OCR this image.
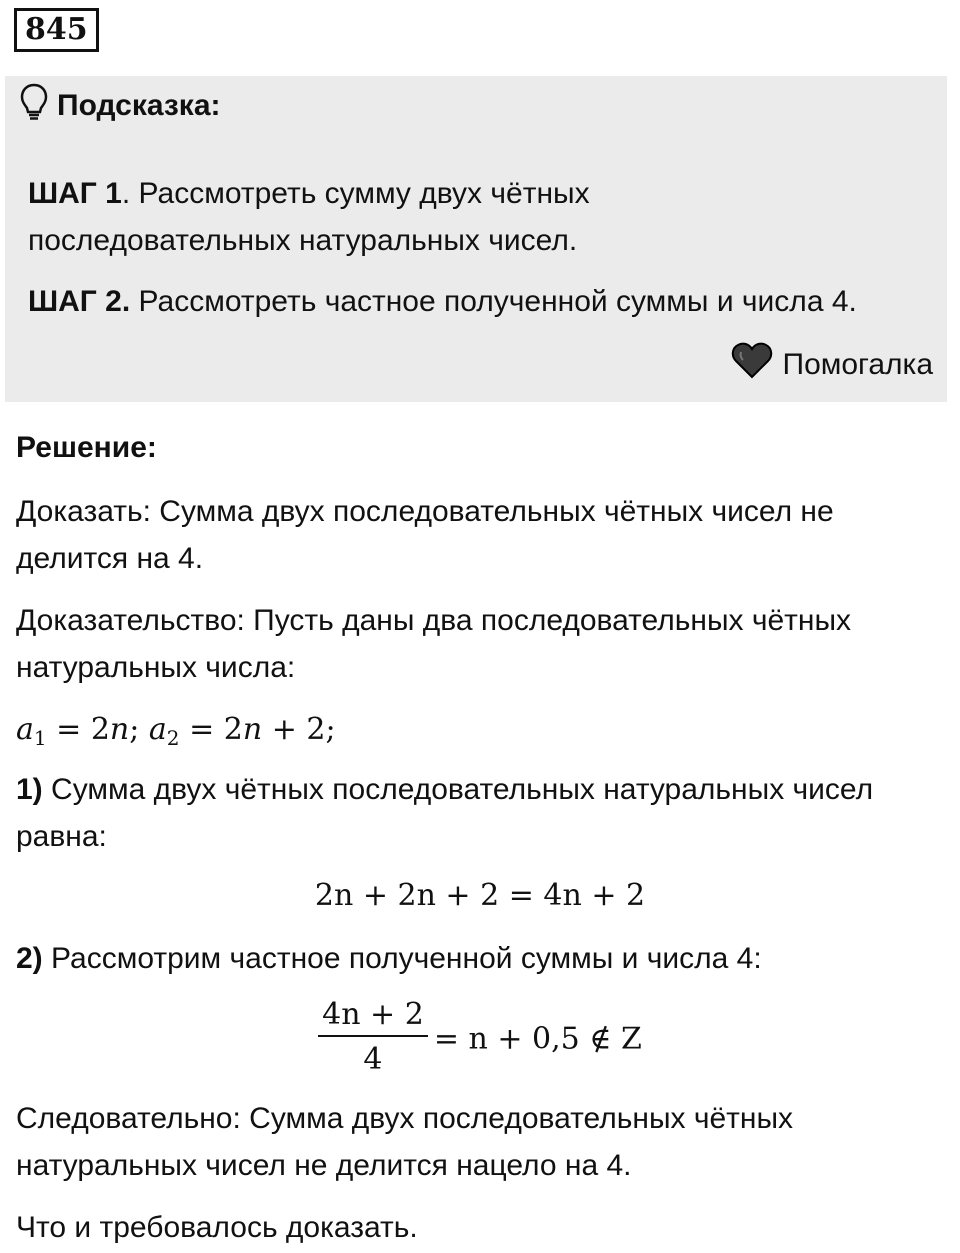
845
Подсказка:
ШАГ 1. Рассмотреть сумму двух чётных
последовательных натуральных чисел.
ШАГ 2. Рассмотреть частное полученной суммы и числа 4.
Помогалка
Решение:
Доказать: Сумма двух последовательных чётных чисел не
делится на 4.
Доказательство: Пусть даны два последовательных чётных
натуральных числа:
$a_1 = 2n$; $a_2 = 2n + 2$;
1) Сумма двух чётных последовательных натуральных чисел
равна:
2n + 2n + 2 = 4n + 2
2) Рассмотрим частное полученной суммы и числа 4:
$\frac{4n + 2}{4} = n + 0,5$ ∉ Z
Следовательно: Сумма двух последовательных чётных
натуральных чисел не делится нацело на 4.
Что и требовалось доказать.
